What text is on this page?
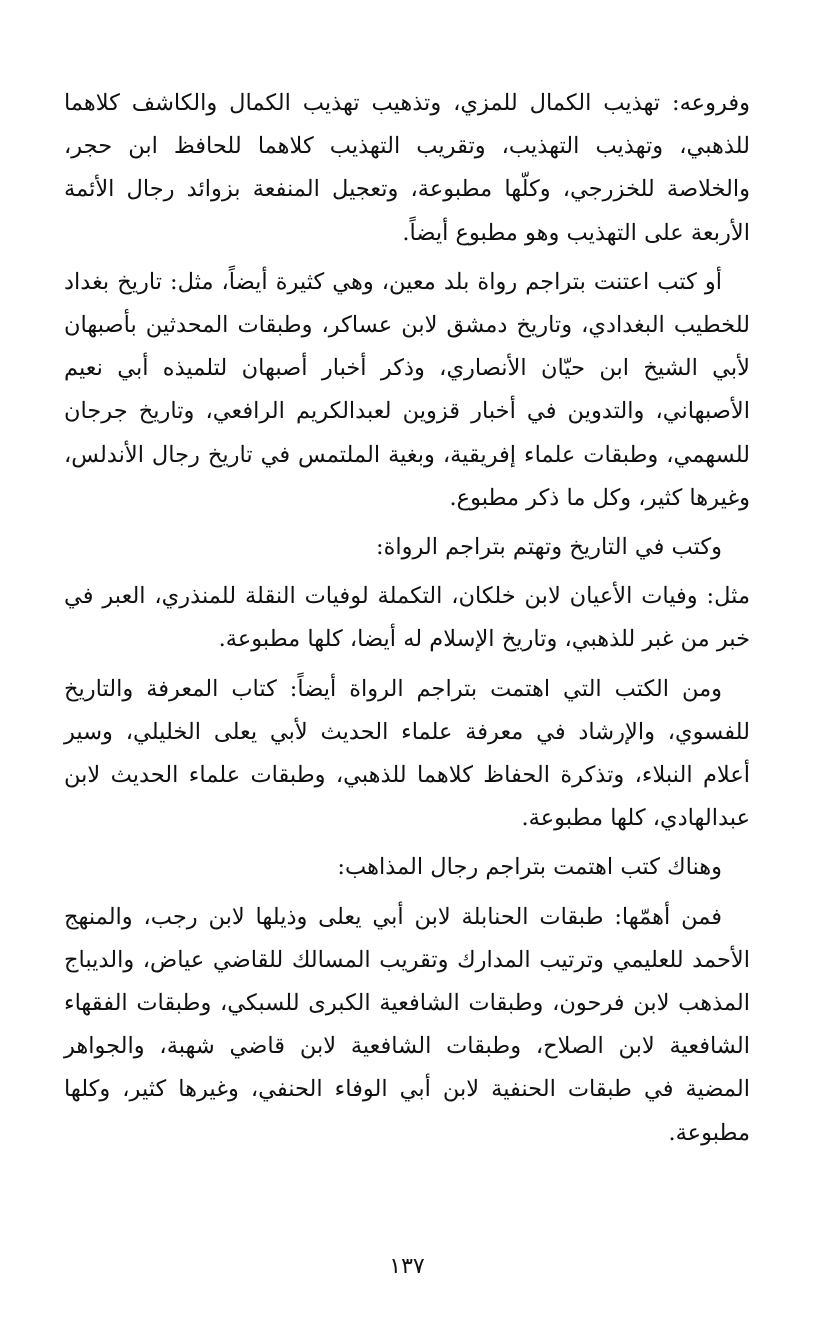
وفروعه: تهذيب الكمال للمزي، وتذهيب تهذيب الكمال والكاشف كلاهما للذهبي، وتهذيب التهذيب، وتقريب التهذيب كلاهما للحافظ ابن حجر، والخلاصة للخزرجي، وكلّها مطبوعة، وتعجيل المنفعة بزوائد رجال الأئمة الأربعة على التهذيب وهو مطبوع أيضاً.

أو كتب اعتنت بتراجم رواة بلد معين، وهي كثيرة أيضاً، مثل: تاريخ بغداد للخطيب البغدادي، وتاريخ دمشق لابن عساكر، وطبقات المحدثين بأصبهان لأبي الشيخ ابن حيّان الأنصاري، وذكر أخبار أصبهان لتلميذه أبي نعيم الأصبهاني، والتدوين في أخبار قزوين لعبدالكريم الرافعي، وتاريخ جرجان للسهمي، وطبقات علماء إفريقية، وبغية الملتمس في تاريخ رجال الأندلس، وغيرها كثير، وكل ما ذكر مطبوع.

وكتب في التاريخ وتهتم بتراجم الرواة:

مثل: وفيات الأعيان لابن خلكان، التكملة لوفيات النقلة للمنذري، العبر في خبر من غبر للذهبي، وتاريخ الإسلام له أيضا، كلها مطبوعة.

ومن الكتب التي اهتمت بتراجم الرواة أيضاً: كتاب المعرفة والتاريخ للفسوي، والإرشاد في معرفة علماء الحديث لأبي يعلى الخليلي، وسير أعلام النبلاء، وتذكرة الحفاظ كلاهما للذهبي، وطبقات علماء الحديث لابن عبدالهادي، كلها مطبوعة.

وهناك كتب اهتمت بتراجم رجال المذاهب:

فمن أهمّها: طبقات الحنابلة لابن أبي يعلى وذيلها لابن رجب، والمنهج الأحمد للعليمي وترتيب المدارك وتقريب المسالك للقاضي عياض، والديباج المذهب لابن فرحون، وطبقات الشافعية الكبرى للسبكي، وطبقات الفقهاء الشافعية لابن الصلاح، وطبقات الشافعية لابن قاضي شهبة، والجواهر المضية في طبقات الحنفية لابن أبي الوفاء الحنفي، وغيرها كثير، وكلها مطبوعة.

١٣٧
